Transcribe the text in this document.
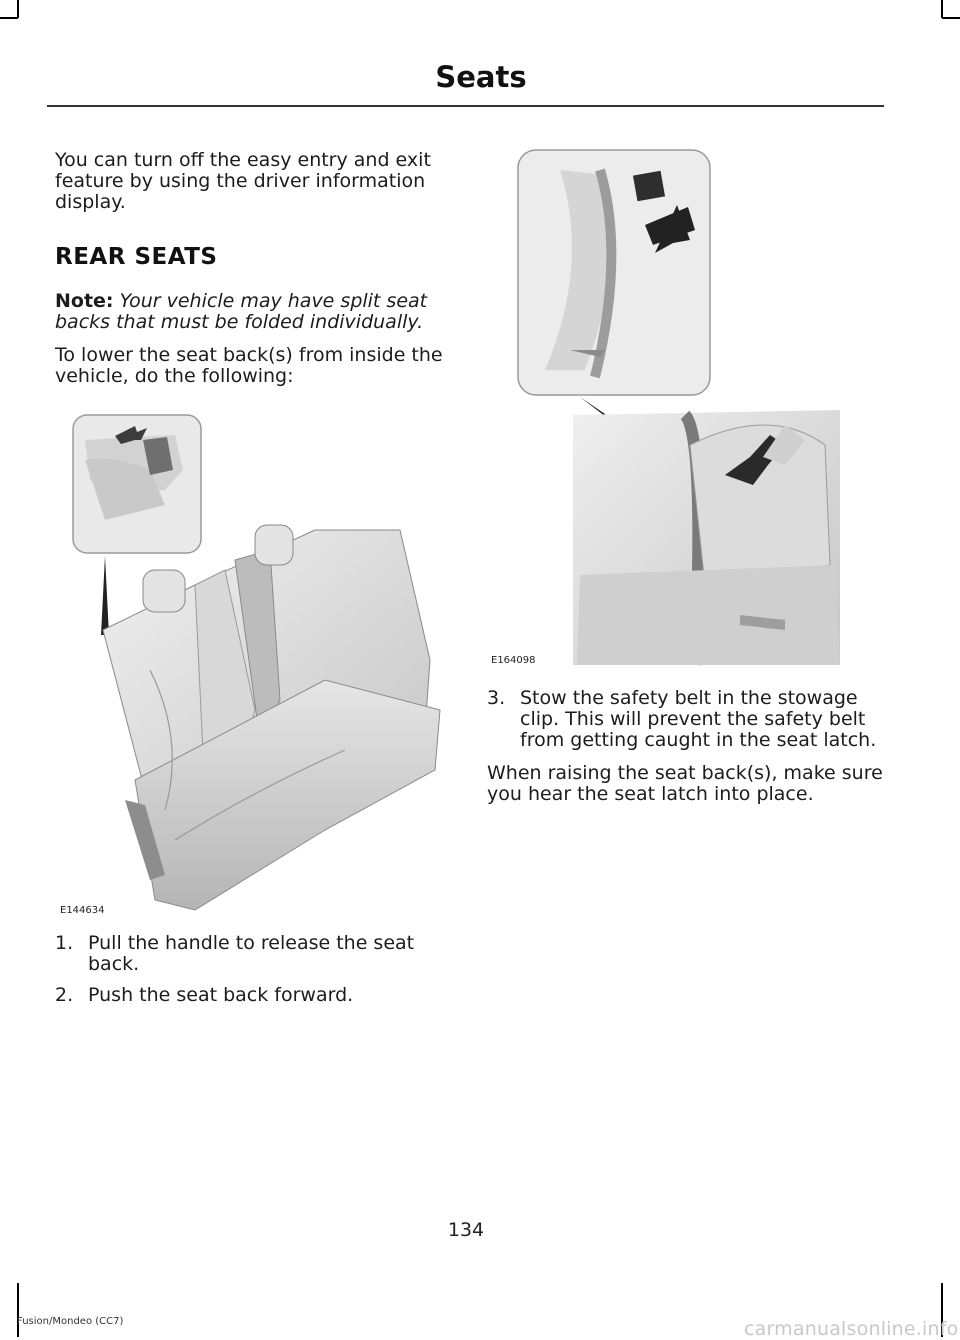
Seats
You can turn off the easy entry and exit
feature by using the driver information
display.
REAR SEATS
Note: Your vehicle may have split seat
backs that must be folded individually.
To lower the seat back(s) from inside the
vehicle, do the following:
E144634
1. Pull the handle to release the seat
back.
2. Push the seat back forward.
E164098
3. Stow the safety belt in the stowage
clip. This will prevent the safety belt
from getting caught in the seat latch.
When raising the seat back(s), make sure
you hear the seat latch into place.
134
Fusion/Mondeo (CC7)	carmanualsonline.info
